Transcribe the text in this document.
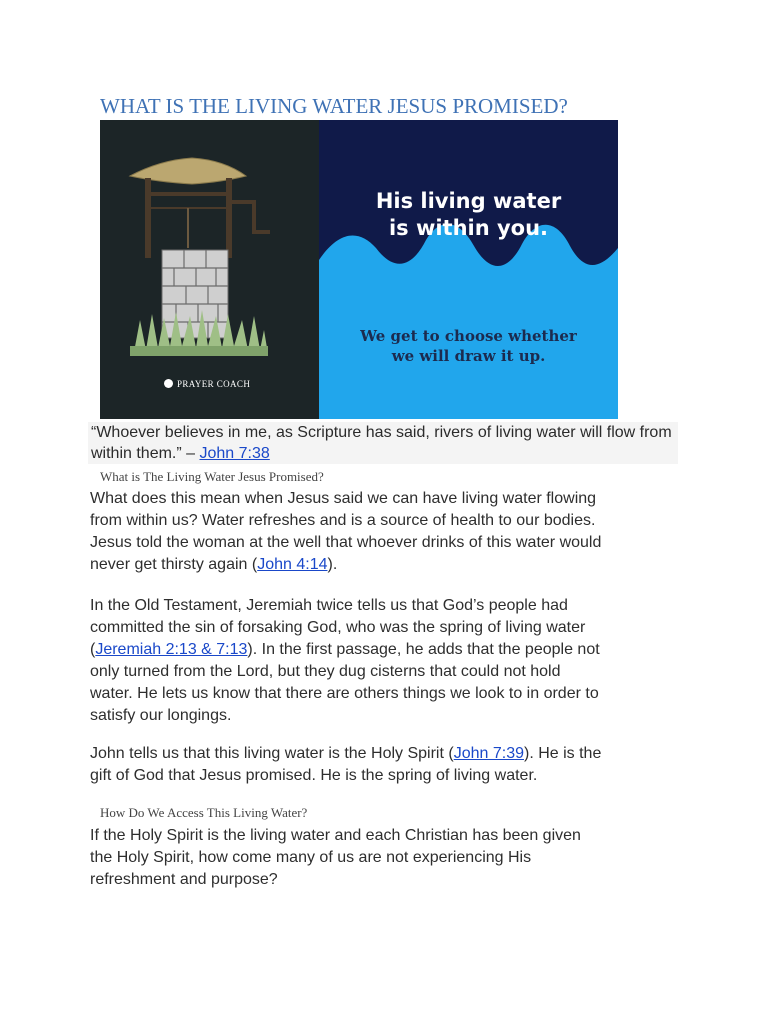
WHAT IS THE LIVING WATER JESUS PROMISED?
His living water
is within you.
We get to choose whether
we will draw it up.
PRAYER COACH
“Whoever believes in me, as Scripture has said, rivers of living water will flow from within them.” – John 7:38
What is The Living Water Jesus Promised?
What does this mean when Jesus said we can have living water flowing
from within us? Water refreshes and is a source of health to our bodies.
Jesus told the woman at the well that whoever drinks of this water would
never get thirsty again (John 4:14).
In the Old Testament, Jeremiah twice tells us that God’s people had
committed the sin of forsaking God, who was the spring of living water
(Jeremiah 2:13 & 7:13). In the first passage, he adds that the people not
only turned from the Lord, but they dug cisterns that could not hold
water. He lets us know that there are others things we look to in order to
satisfy our longings.
John tells us that this living water is the Holy Spirit (John 7:39). He is the
gift of God that Jesus promised. He is the spring of living water.
How Do We Access This Living Water?
If the Holy Spirit is the living water and each Christian has been given
the Holy Spirit, how come many of us are not experiencing His
refreshment and purpose?
